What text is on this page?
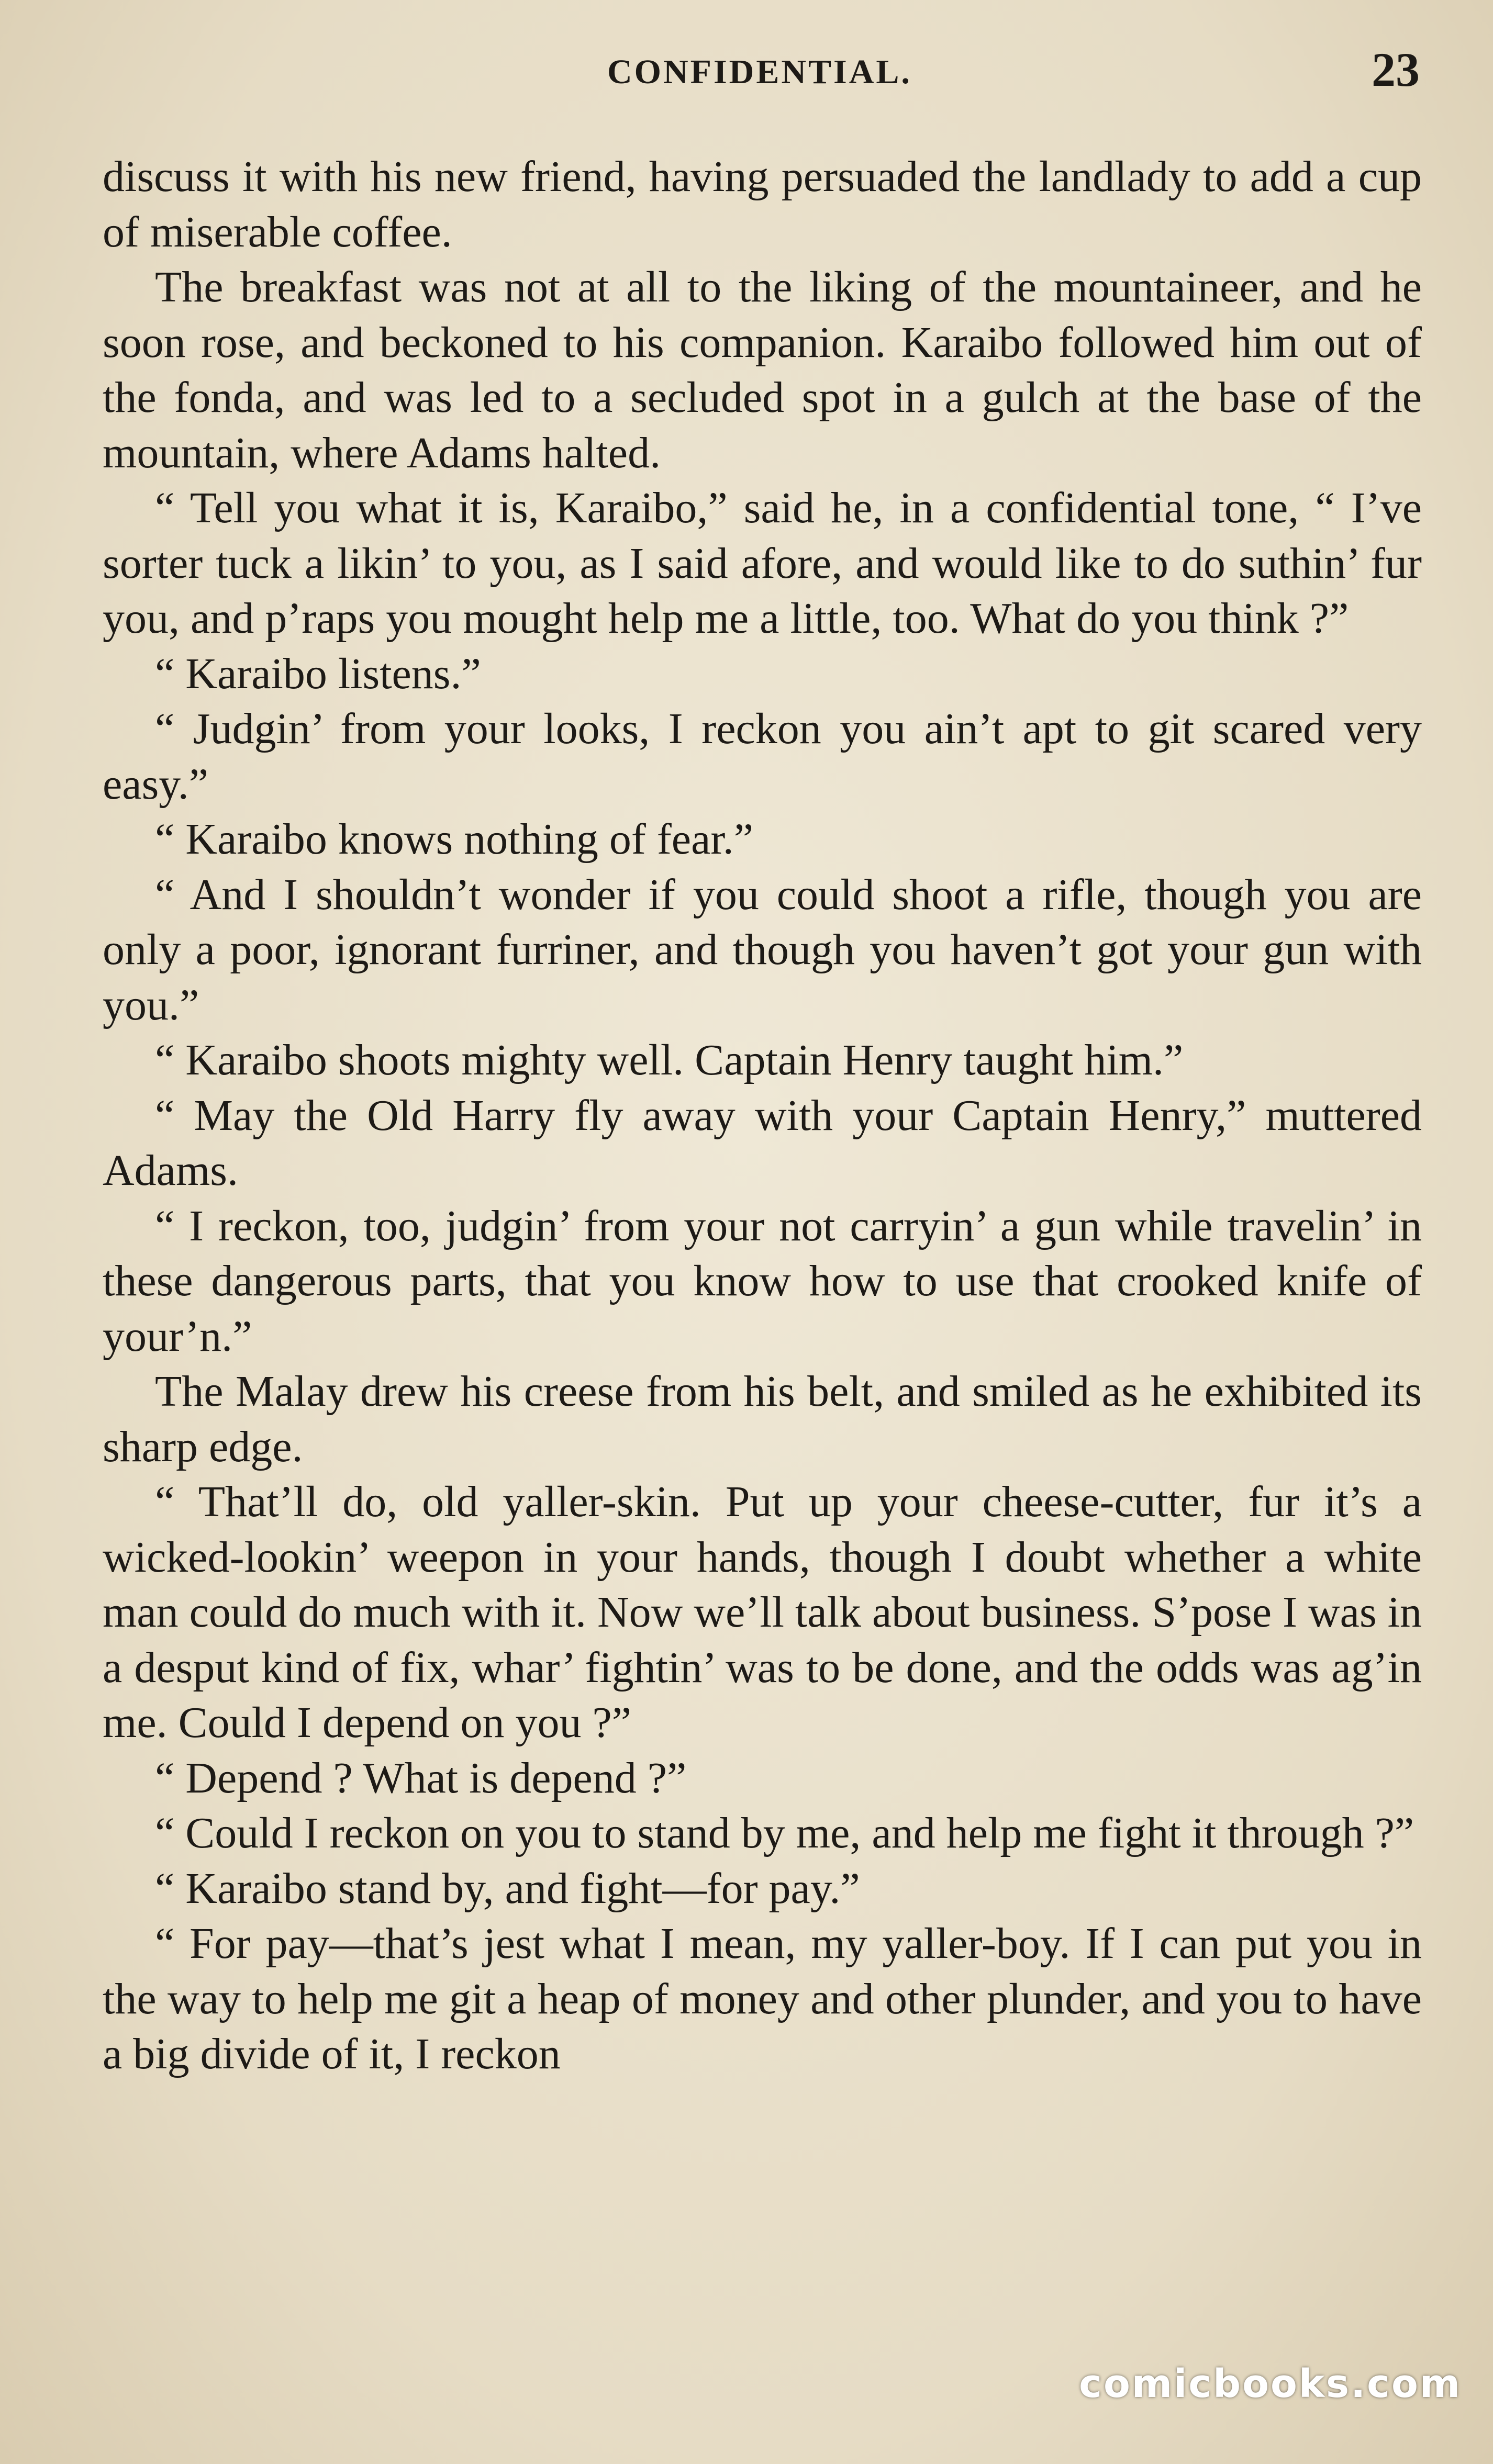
CONFIDENTIAL.	23

discuss it with his new friend, having persuaded the landlady to add a cup of miserable coffee.

The breakfast was not at all to the liking of the mountaineer, and he soon rose, and beckoned to his companion. Karaibo followed him out of the fonda, and was led to a secluded spot in a gulch at the base of the mountain, where Adams halted.

“ Tell you what it is, Karaibo,” said he, in a confidential tone, “ I’ve sorter tuck a likin’ to you, as I said afore, and would like to do suthin’ fur you, and p’raps you mought help me a little, too. What do you think ?”

“ Karaibo listens.”

“ Judgin’ from your looks, I reckon you ain’t apt to git scared very easy.”

“ Karaibo knows nothing of fear.”

“ And I shouldn’t wonder if you could shoot a rifle, though you are only a poor, ignorant furriner, and though you haven’t got your gun with you.”

“ Karaibo shoots mighty well. Captain Henry taught him.”

“ May the Old Harry fly away with your Captain Henry,” muttered Adams.

“ I reckon, too, judgin’ from your not carryin’ a gun while travelin’ in these dangerous parts, that you know how to use that crooked knife of your’n.”

The Malay drew his creese from his belt, and smiled as he exhibited its sharp edge.

“ That’ll do, old yaller-skin. Put up your cheese-cutter, fur it’s a wicked-lookin’ weepon in your hands, though I doubt whether a white man could do much with it. Now we’ll talk about business. S’pose I was in a desput kind of fix, whar’ fightin’ was to be done, and the odds was ag’in me. Could I depend on you ?”

“ Depend ? What is depend ?”

“ Could I reckon on you to stand by me, and help me fight it through ?”

“ Karaibo stand by, and fight—for pay.”

“ For pay—that’s jest what I mean, my yaller-boy. If I can put you in the way to help me git a heap of money and other plunder, and you to have a big divide of it, I reckon

comicbooks.com
